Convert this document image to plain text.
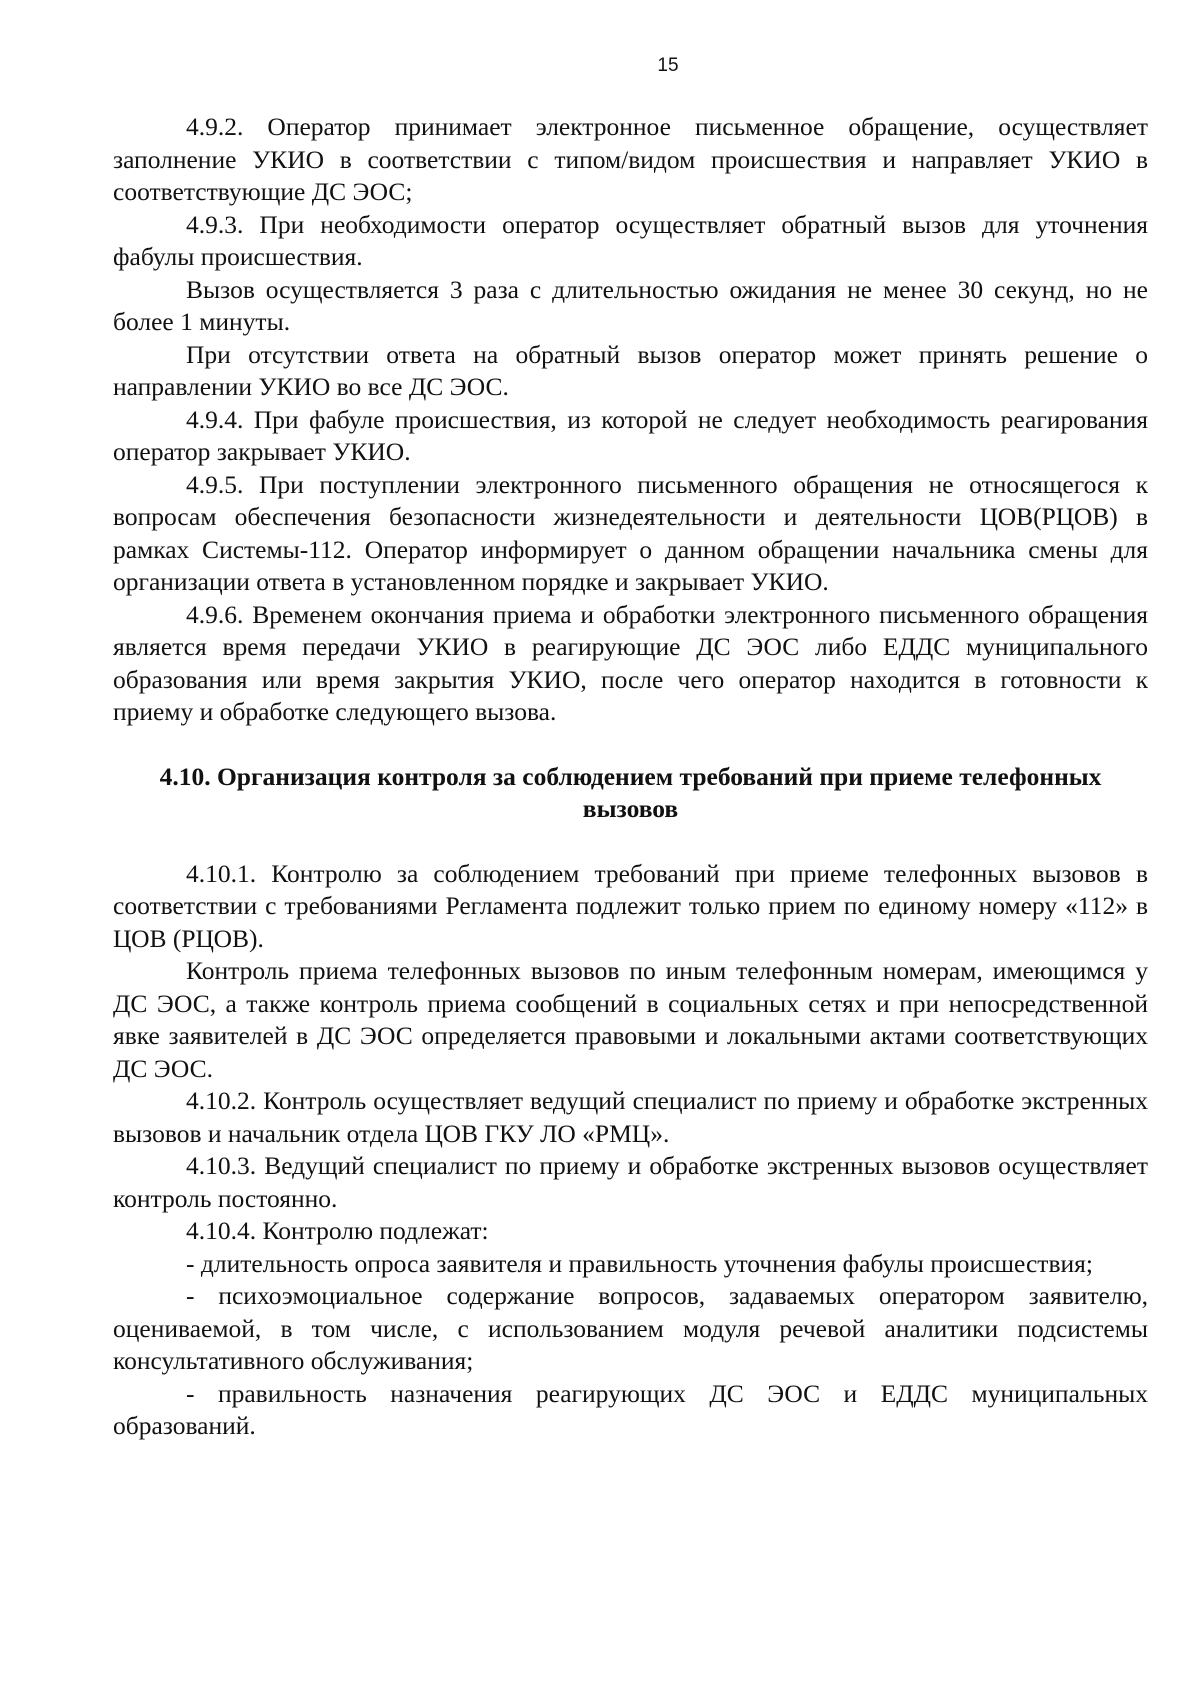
15

4.9.2. Оператор принимает электронное письменное обращение, осуществляет заполнение УКИО в соответствии с типом/видом происшествия и направляет УКИО в соответствующие ДС ЭОС;

4.9.3. При необходимости оператор осуществляет обратный вызов для уточнения фабулы происшествия.

Вызов осуществляется 3 раза с длительностью ожидания не менее 30 секунд, но не более 1 минуты.

При отсутствии ответа на обратный вызов оператор может принять решение о направлении УКИО во все ДС ЭОС.

4.9.4. При фабуле происшествия, из которой не следует необходимость реагирования оператор закрывает УКИО.

4.9.5. При поступлении электронного письменного обращения не относящегося к вопросам обеспечения безопасности жизнедеятельности и деятельности ЦОВ(РЦОВ) в рамках Системы-112. Оператор информирует о данном обращении начальника смены для организации ответа в установленном порядке и закрывает УКИО.

4.9.6. Временем окончания приема и обработки электронного письменного обращения является время передачи УКИО в реагирующие ДС ЭОС либо ЕДДС муниципального образования или время закрытия УКИО, после чего оператор находится в готовности к приему и обработке следующего вызова.

4.10. Организация контроля за соблюдением требований при приеме телефонных вызовов

4.10.1. Контролю за соблюдением требований при приеме телефонных вызовов в соответствии с требованиями Регламента подлежит только прием по единому номеру «112» в ЦОВ (РЦОВ).

Контроль приема телефонных вызовов по иным телефонным номерам, имеющимся у ДС ЭОС, а также контроль приема сообщений в социальных сетях и при непосредственной явке заявителей в ДС ЭОС определяется правовыми и локальными актами соответствующих ДС ЭОС.

4.10.2. Контроль осуществляет ведущий специалист по приему и обработке экстренных вызовов и начальник отдела ЦОВ ГКУ ЛО «РМЦ».

4.10.3. Ведущий специалист по приему и обработке экстренных вызовов осуществляет контроль постоянно.

4.10.4. Контролю подлежат:

- длительность опроса заявителя и правильность уточнения фабулы происшествия;

- психоэмоциальное содержание вопросов, задаваемых оператором заявителю, оцениваемой, в том числе, с использованием модуля речевой аналитики подсистемы консультативного обслуживания;

- правильность назначения реагирующих ДС ЭОС и ЕДДС муниципальных образований.
